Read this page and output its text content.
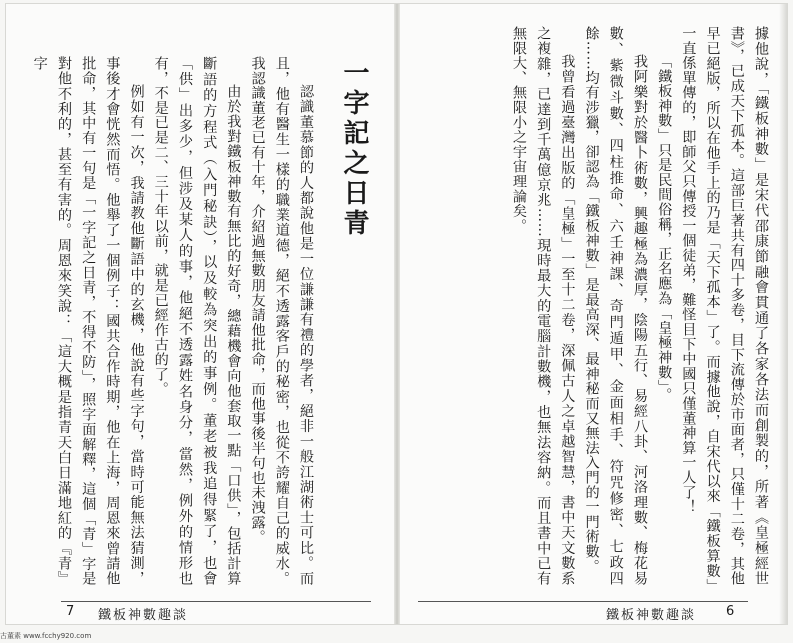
一字記之日青

認識董慕節的人都說他是一位謙謙有禮的學者，絕非一般江湖術士可比。而且，他有醫生一樣的職業道德，絕不透露客戶的秘密，也從不誇耀自己的威水。我認識董老已有十年，介紹過無數朋友請他批命，而他事後半句也未洩露。

由於我對鐵板神數有無比的好奇，總藉機會向他套取一點「口供」，包括計算斷語的方程式（入門秘訣），以及較為突出的事例。董老被我追得緊了，也會「供」出多少，但涉及某人的事，他絕不透露姓名身分，當然，例外的情形也有，不是已是二、三十年以前，就是已經作古的了。

例如有一次，我請教他斷語中的玄機，他說有些字句，當時可能無法猜測，事後才會恍然而悟。他舉了一個例子：國共合作時期，他在上海，周恩來曾請他批命，其中有一句是「一字記之日青，不得不防」，照字面解釋，這個「青」字是對他不利的，甚至有害的。周恩來笑說：「這大概是指青天白日滿地紅的『青』字

7 鐵板神數趣談

據他說，「鐵板神數」是宋代邵康節融會貫通了各家各法而創製的，所著《皇極經世書》，已成天下孤本。這部巨著共有四十多卷，目下流傳於市面者，只僅十二卷，其他早已絕版，所以在他手上的乃是「天下孤本」了。而據他說，自宋代以來「鐵板算數」一直係單傳的，即師父只傳授一個徒弟，難怪目下中國只僅董神算一人了！

「鐵板神數」只是民間俗稱，正名應為「皇極神數」。

我阿樂對於醫卜術數，興趣極為濃厚，陰陽五行、易經八卦、河洛理數、梅花易數、紫微斗數、四柱推命、六壬神課、奇門遁甲、金面相手、符咒修密、七政四餘……均有涉獵，卻認為「鐵板神數」是最高深、最神秘而又無法入門的一門術數。

我曾看過臺灣出版的「皇極」一至十二卷，深佩古人之卓越智慧，書中天文數系之複雜，已達到千萬億京兆……現時最大的電腦計數機，也無法容納。而且書中已有無限大、無限小之宇宙理論矣。

鐵板神數趣談 6
古董素 www.fcchy920.com
